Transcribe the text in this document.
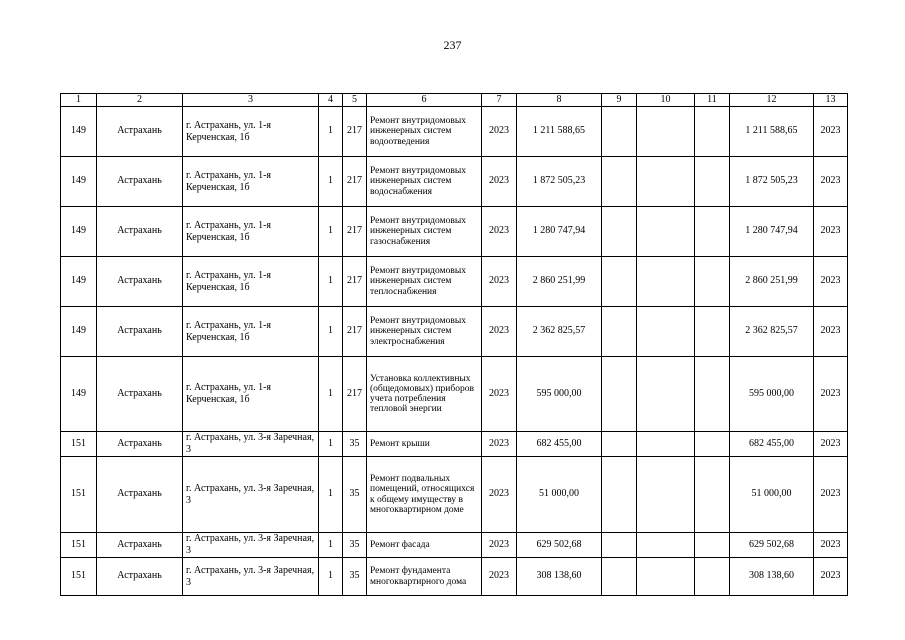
237
1	2	3	4	5	6	7	8	9	10	11	12	13
149	Астрахань	г. Астрахань, ул. 1-я Керченская, 1б	1	217	Ремонт внутридомовых инженерных систем водоотведения	2023	1 211 588,65				1 211 588,65	2023
149	Астрахань	г. Астрахань, ул. 1-я Керченская, 1б	1	217	Ремонт внутридомовых инженерных систем водоснабжения	2023	1 872 505,23				1 872 505,23	2023
149	Астрахань	г. Астрахань, ул. 1-я Керченская, 1б	1	217	Ремонт внутридомовых инженерных систем газоснабжения	2023	1 280 747,94				1 280 747,94	2023
149	Астрахань	г. Астрахань, ул. 1-я Керченская, 1б	1	217	Ремонт внутридомовых инженерных систем теплоснабжения	2023	2 860 251,99				2 860 251,99	2023
149	Астрахань	г. Астрахань, ул. 1-я Керченская, 1б	1	217	Ремонт внутридомовых инженерных систем электроснабжения	2023	2 362 825,57				2 362 825,57	2023
149	Астрахань	г. Астрахань, ул. 1-я Керченская, 1б	1	217	Установка коллективных (общедомовых) приборов учета потребления тепловой энергии	2023	595 000,00				595 000,00	2023
151	Астрахань	г. Астрахань, ул. 3-я Заречная, 3	1	35	Ремонт крыши	2023	682 455,00				682 455,00	2023
151	Астрахань	г. Астрахань, ул. 3-я Заречная, 3	1	35	Ремонт подвальных помещений, относящихся к общему имуществу в многоквартирном доме	2023	51 000,00				51 000,00	2023
151	Астрахань	г. Астрахань, ул. 3-я Заречная, 3	1	35	Ремонт фасада	2023	629 502,68				629 502,68	2023
151	Астрахань	г. Астрахань, ул. 3-я Заречная, 3	1	35	Ремонт фундамента многоквартирного дома	2023	308 138,60				308 138,60	2023
